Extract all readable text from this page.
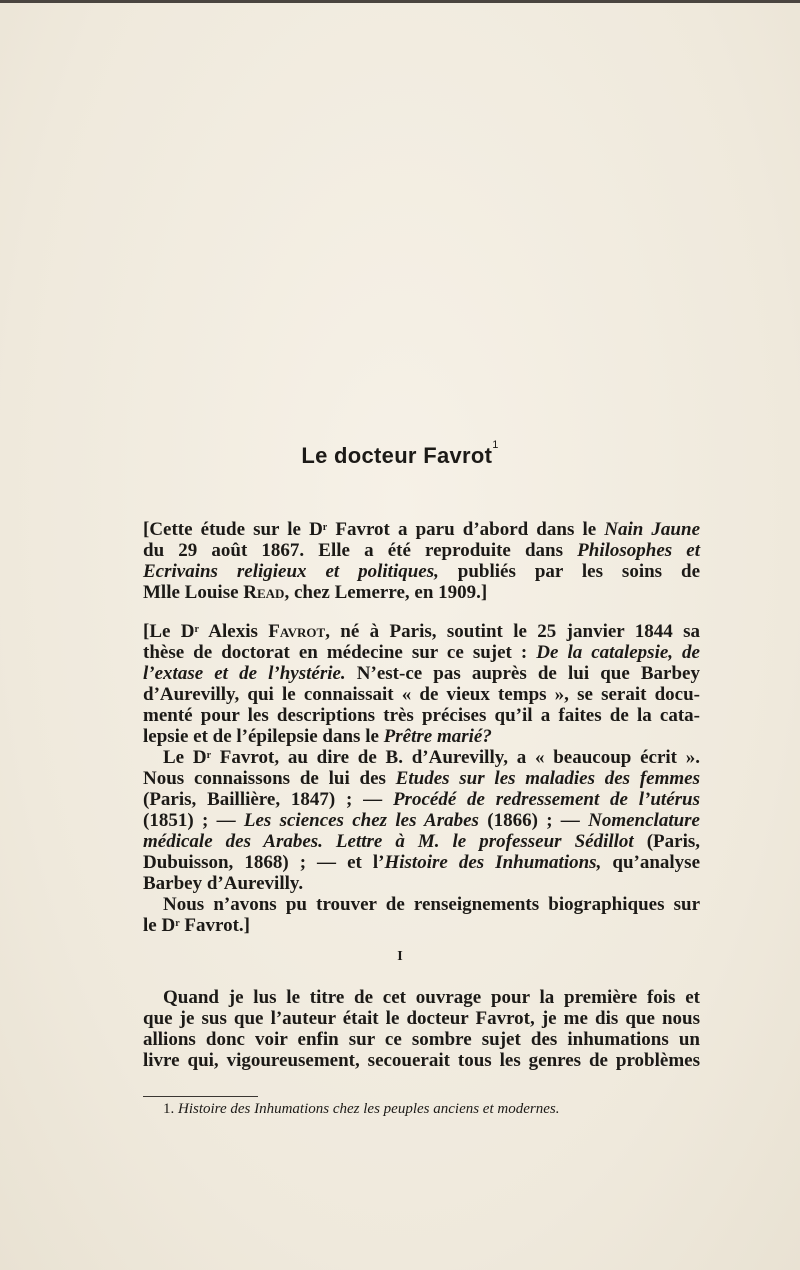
Le docteur Favrot$^1$
[Cette étude sur le $D^r$ Favrot a paru d’abord dans le Nain Jaune
du 29 août 1867. Elle a été reproduite dans Philosophes et
Ecrivains religieux et politiques, publiés par les soins de
Mlle Louise Read, chez Lemerre, en 1909.]
[Le $D^r$ Alexis Favrot, né à Paris, soutint le 25 janvier 1844 sa
thèse de doctorat en médecine sur ce sujet : De la catalepsie, de
l’extase et de l’hystérie. N’est-ce pas auprès de lui que Barbey
d’Aurevilly, qui le connaissait « de vieux temps », se serait docu-
menté pour les descriptions très précises qu’il a faites de la cata-
lepsie et de l’épilepsie dans le Prêtre marié?
Le $D^r$ Favrot, au dire de B. d’Aurevilly, a « beaucoup écrit ».
Nous connaissons de lui des Etudes sur les maladies des femmes
(Paris, Baillière, 1847) ; — Procédé de redressement de l’utérus
(1851) ; — Les sciences chez les Arabes (1866) ; — Nomenclature
médicale des Arabes. Lettre à M. le professeur Sédillot (Paris,
Dubuisson, 1868) ; — et l’Histoire des Inhumations, qu’analyse
Barbey d’Aurevilly.
Nous n’avons pu trouver de renseignements biographiques sur
le $D^r$ Favrot.]
I
Quand je lus le titre de cet ouvrage pour la première fois et
que je sus que l’auteur était le docteur Favrot, je me dis que nous
allions donc voir enfin sur ce sombre sujet des inhumations un
livre qui, vigoureusement, secouerait tous les genres de problèmes
1. Histoire des Inhumations chez les peuples anciens et modernes.
